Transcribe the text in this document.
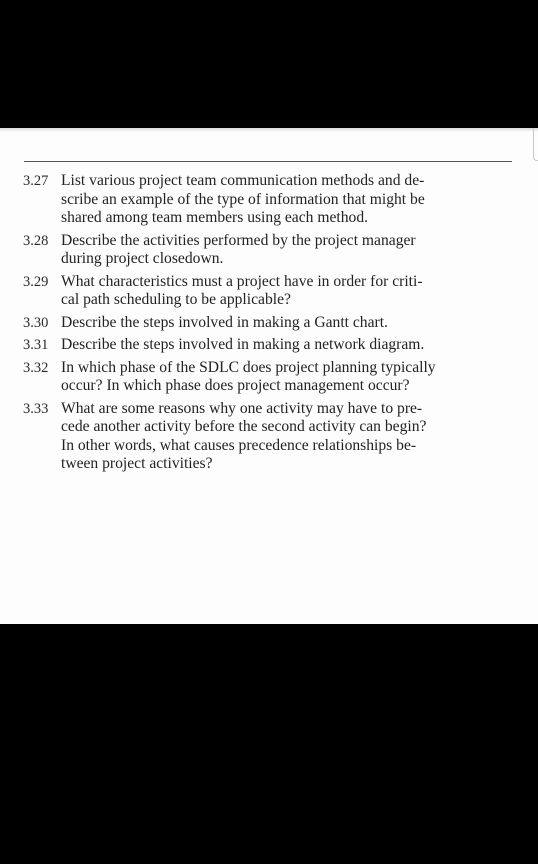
3.27 List various project team communication methods and de-
scribe an example of the type of information that might be
shared among team members using each method.
3.28 Describe the activities performed by the project manager
during project closedown.
3.29 What characteristics must a project have in order for criti-
cal path scheduling to be applicable?
3.30 Describe the steps involved in making a Gantt chart.
3.31 Describe the steps involved in making a network diagram.
3.32 In which phase of the SDLC does project planning typically
occur? In which phase does project management occur?
3.33 What are some reasons why one activity may have to pre-
cede another activity before the second activity can begin?
In other words, what causes precedence relationships be-
tween project activities?
